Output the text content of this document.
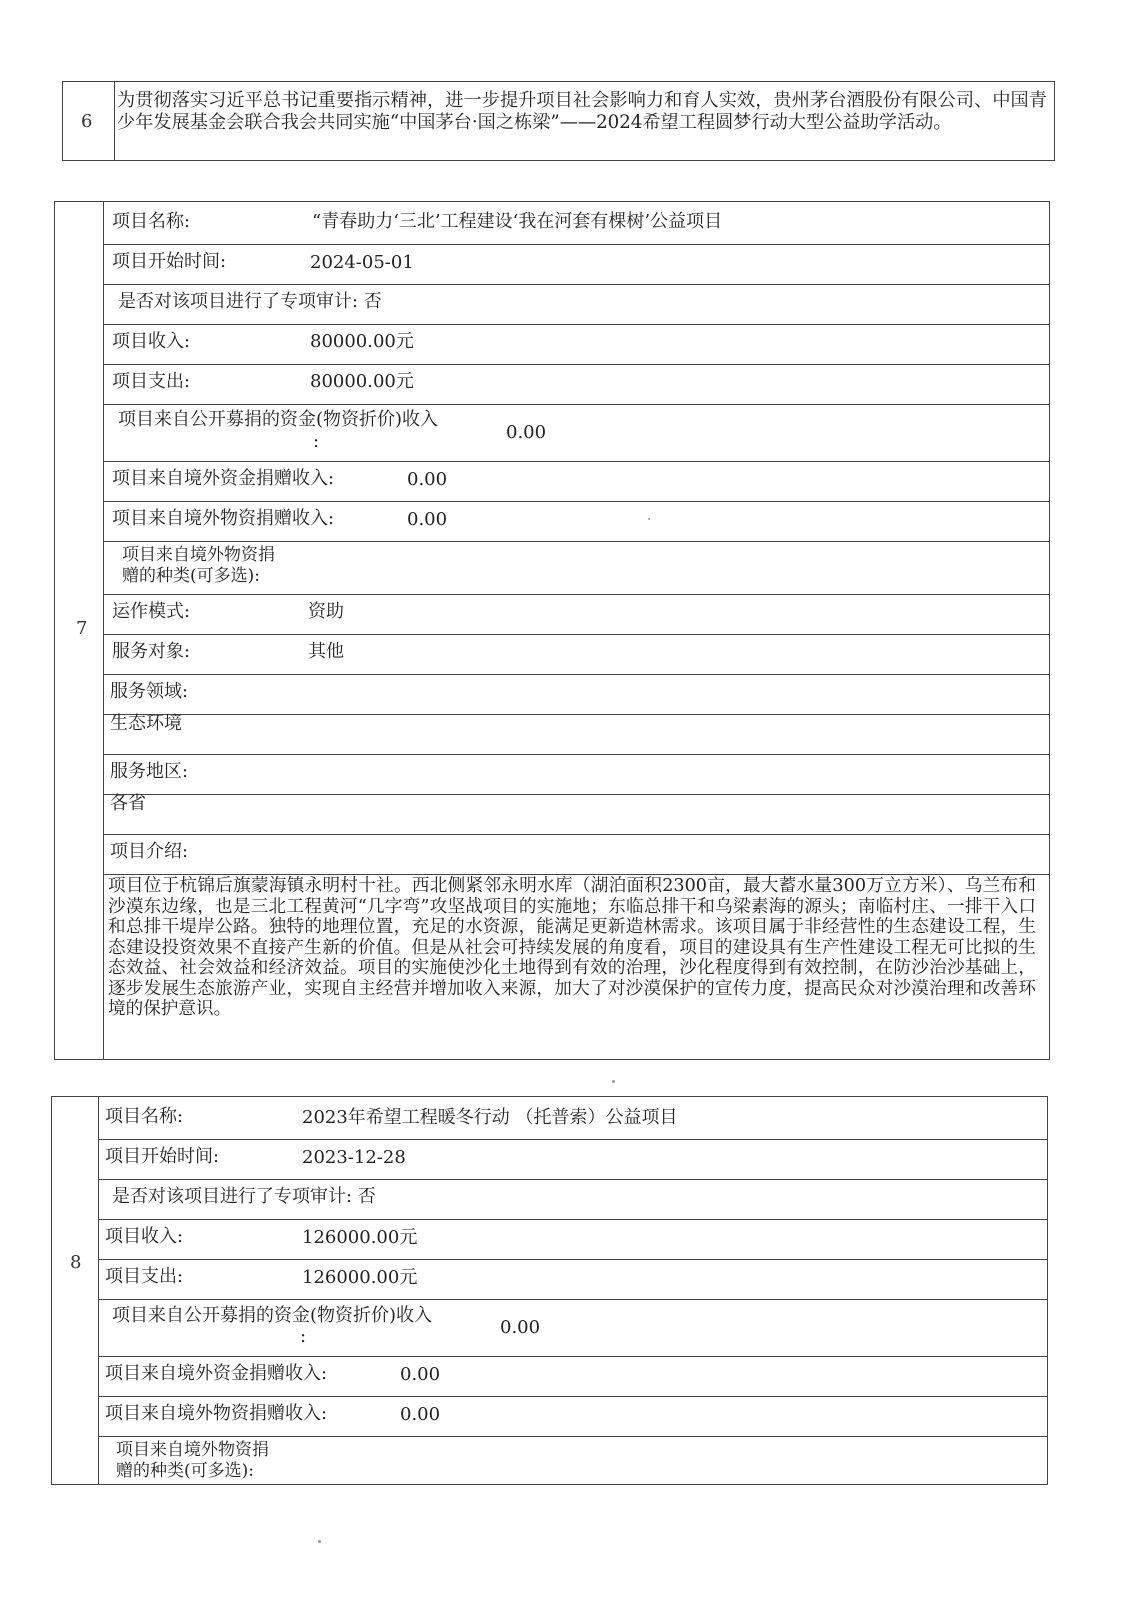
6
为贯彻落实习近平总书记重要指示精神，进一步提升项目社会影响力和育人实效，贵州茅台酒股份有限公司、中国青少年发展基金会联合我会共同实施“中国茅台·国之栋梁”——2024希望工程圆梦行动大型公益助学活动。
7
项目名称:	“青春助力‘三北’工程建设‘我在河套有棵树’公益项目
项目开始时间:	2024-05-01
是否对该项目进行了专项审计: 否
项目收入:	80000.00元
项目支出:	80000.00元
项目来自公开募捐的资金(物资折价)收入
:	0.00
项目来自境外资金捐赠收入:	0.00
项目来自境外物资捐赠收入:	0.00
项目来自境外物资捐
赠的种类(可多选):
运作模式:	资助
服务对象:	其他
服务领域:
生态环境
服务地区:
各省
项目介绍:
项目位于杭锦后旗蒙海镇永明村十社。西北侧紧邻永明水库（湖泊面积2300亩，最大蓄水量300万立方米）、乌兰布和沙漠东边缘，也是三北工程黄河“几字弯”攻坚战项目的实施地；东临总排干和乌梁素海的源头；南临村庄、一排干入口和总排干堤岸公路。独特的地理位置，充足的水资源，能满足更新造林需求。该项目属于非经营性的生态建设工程，生态建设投资效果不直接产生新的价值。但是从社会可持续发展的角度看，项目的建设具有生产性建设工程无可比拟的生态效益、社会效益和经济效益。项目的实施使沙化土地得到有效的治理，沙化程度得到有效控制，在防沙治沙基础上，逐步发展生态旅游产业，实现自主经营并增加收入来源，加大了对沙漠保护的宣传力度，提高民众对沙漠治理和改善环境的保护意识。
8
项目名称:	2023年希望工程暖冬行动 （托普索）公益项目
项目开始时间:	2023-12-28
是否对该项目进行了专项审计: 否
项目收入:	126000.00元
项目支出:	126000.00元
项目来自公开募捐的资金(物资折价)收入
:	0.00
项目来自境外资金捐赠收入:	0.00
项目来自境外物资捐赠收入:	0.00
项目来自境外物资捐
赠的种类(可多选):
